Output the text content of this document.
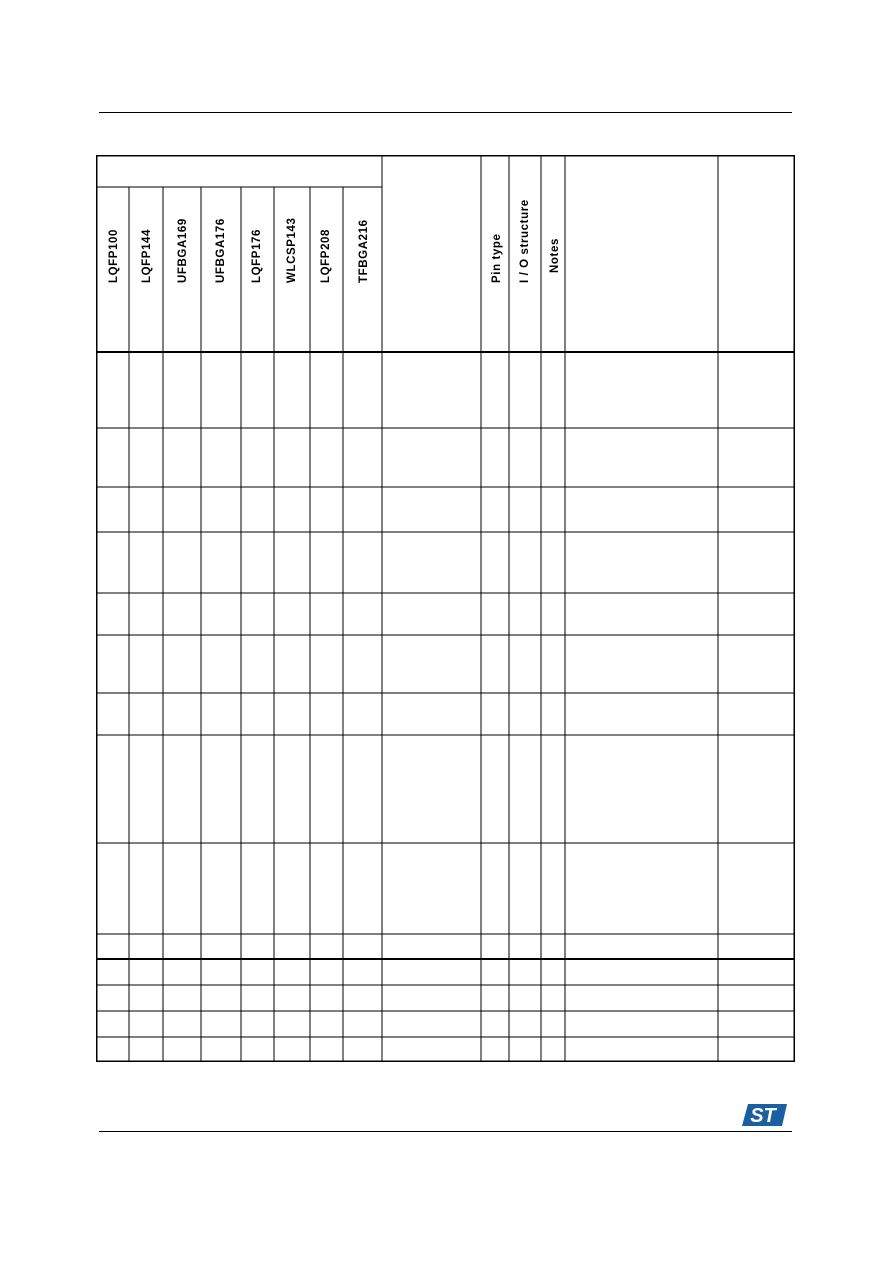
LQFP100 LQFP144 UFBGA169 UFBGA176 LQFP176 WLCSP143 LQFP208 TFBGA216	Pin type I / O structure Notes
ST
